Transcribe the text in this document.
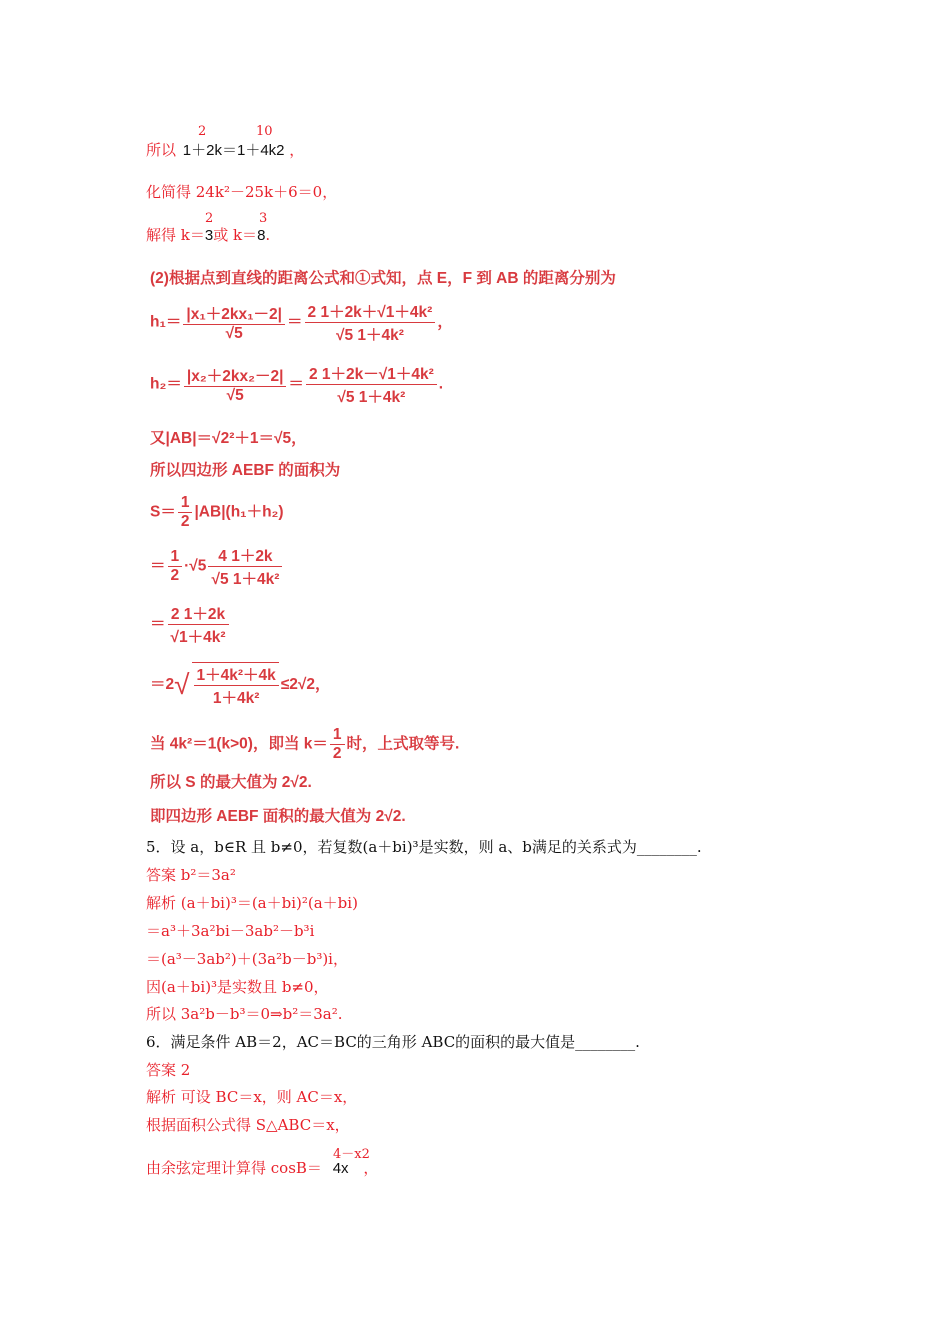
2	10
所以 1＋2k＝1＋4k2 ，
化简得 24k²－25k＋6＝0，
2	3
解得 k＝3或 k＝8.
(2)根据点到直线的距离公式和①式知，点 E，F 到 AB 的距离分别为
$h_1= \frac{\text{|x₁＋2kx₁－2|}}{√5} = \frac{\text{2 1＋2k＋√1＋4k²}}{\text{√5 1＋4k²}}$ ，
$h_2= \frac{\text{|x₂＋2kx₂－2|}}{√5} = \frac{\text{2 1＋2k－√1＋4k²}}{\text{√5 1＋4k²}}$ .
又|AB|＝√2²＋1＝√5，
所以四边形 AEBF 的面积为
$S= \frac{1}{2} |AB|(h_1+h_2)$
＝ $\frac{1}{2} \cdot√5 \frac{4 1+2k}{\text{√5 1＋4k²}}$
＝ $\frac{2 1+2k}{\text{√1＋4k²}}$
$=2√ \frac{\text{1＋4k²＋4k}}{\text{1＋4k²}} \le 2√2$，
当 4k²＝1(k>0)，即当 $k= \frac{1}{2}$ 时，上式取等号.
所以 S 的最大值为 2√2.
即四边形 AEBF 面积的最大值为 2√2.
5．设 a，b∈R 且 b≠0，若复数(a＋bi)³是实数，则 a、b满足的关系式为________.
答案 b²＝3a²
解析 (a＋bi)³＝(a＋bi)²(a＋bi)
＝a³＋3a²bi－3ab²－b³i
＝(a³－3ab²)＋(3a²b－b³)i，
因(a＋bi)³是实数且 b≠0，
所以 3a²b－b³＝0⇒b²＝3a².
6．满足条件 AB＝2，AC＝BC的三角形 ABC的面积的最大值是________.
答案 2
解析 可设 BC＝x，则 AC＝x，
根据面积公式得 S△ABC＝x，
4－x2
由余弦定理计算得 cosB＝ 4x ，
